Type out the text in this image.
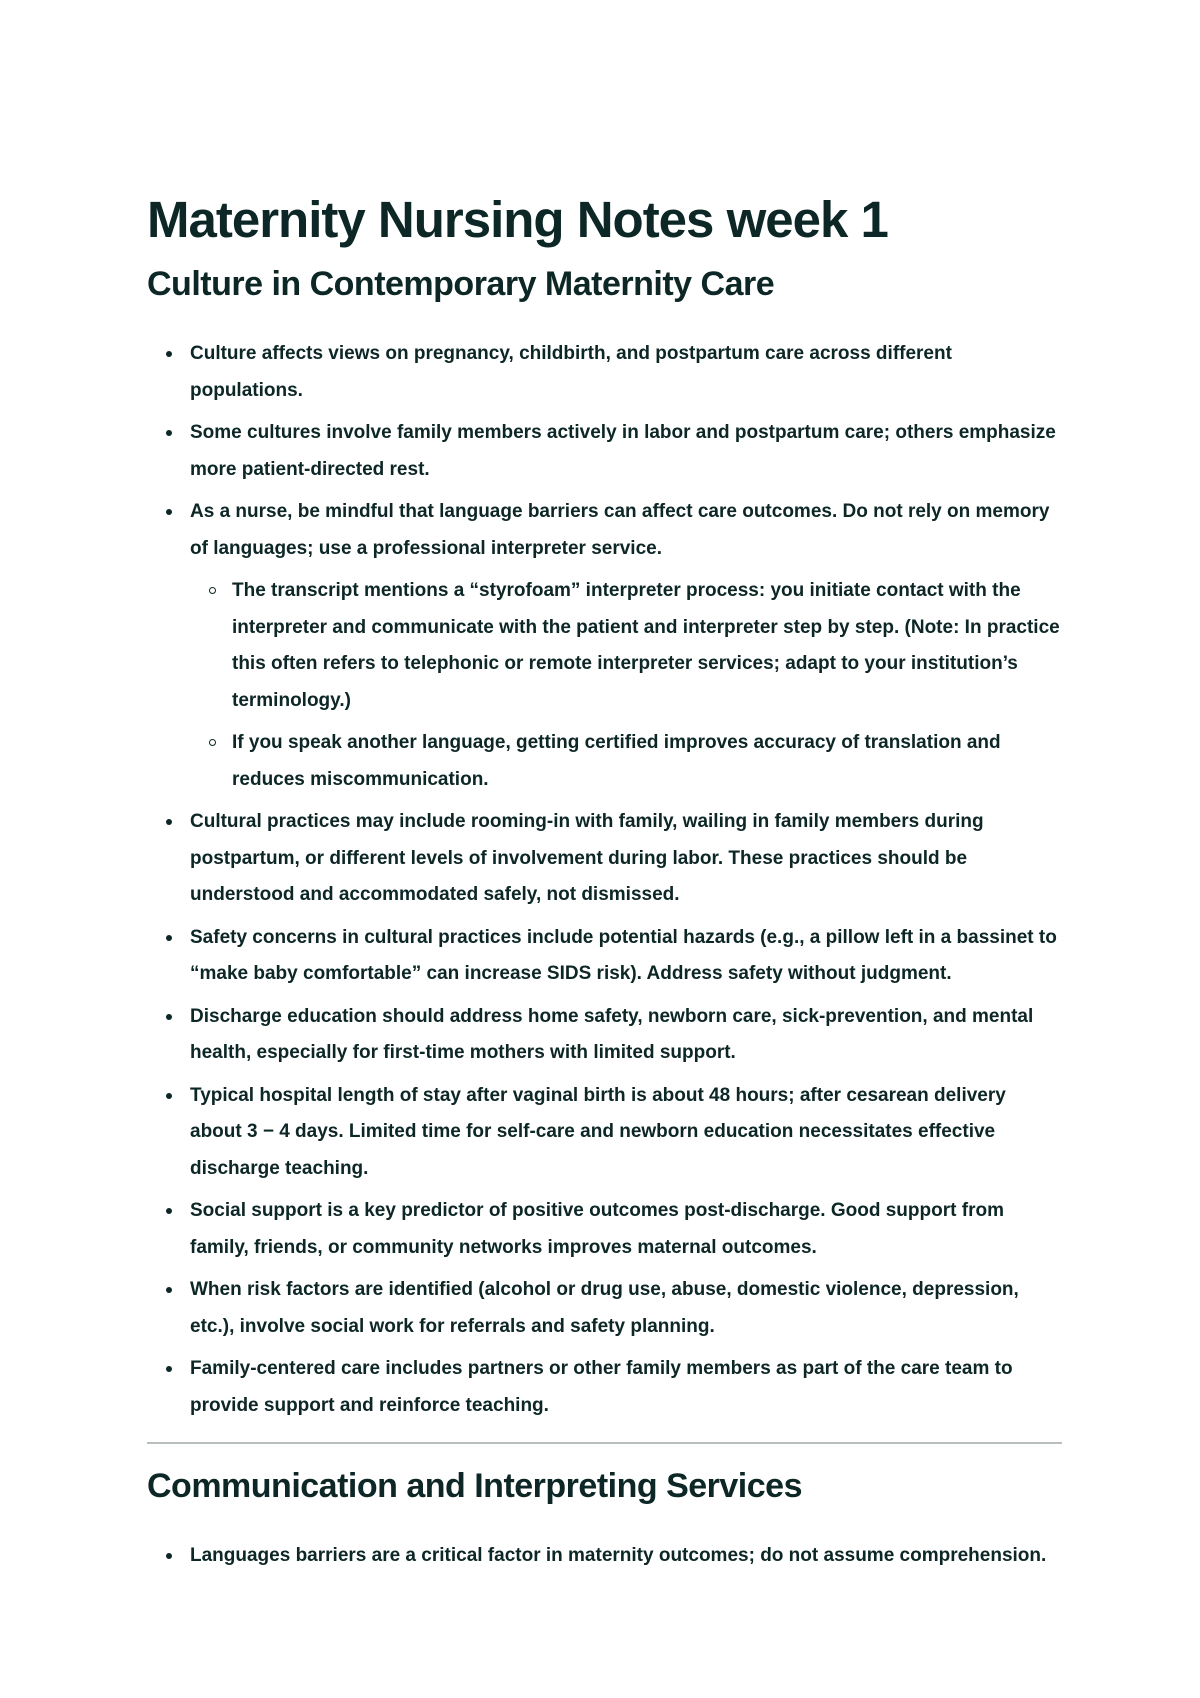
Maternity Nursing Notes week 1
Culture in Contemporary Maternity Care
Culture affects views on pregnancy, childbirth, and postpartum care across different populations.
Some cultures involve family members actively in labor and postpartum care; others emphasize more patient-directed rest.
As a nurse, be mindful that language barriers can affect care outcomes. Do not rely on memory of languages; use a professional interpreter service.
The transcript mentions a “styrofoam” interpreter process: you initiate contact with the interpreter and communicate with the patient and interpreter step by step. (Note: In practice this often refers to telephonic or remote interpreter services; adapt to your institution’s terminology.)
If you speak another language, getting certified improves accuracy of translation and reduces miscommunication.
Cultural practices may include rooming-in with family, wailing in family members during postpartum, or different levels of involvement during labor. These practices should be understood and accommodated safely, not dismissed.
Safety concerns in cultural practices include potential hazards (e.g., a pillow left in a bassinet to “make baby comfortable” can increase SIDS risk). Address safety without judgment.
Discharge education should address home safety, newborn care, sick-prevention, and mental health, especially for first-time mothers with limited support.
Typical hospital length of stay after vaginal birth is about 48 hours; after cesarean delivery about 3 − 4 days. Limited time for self-care and newborn education necessitates effective discharge teaching.
Social support is a key predictor of positive outcomes post-discharge. Good support from family, friends, or community networks improves maternal outcomes.
When risk factors are identified (alcohol or drug use, abuse, domestic violence, depression, etc.), involve social work for referrals and safety planning.
Family-centered care includes partners or other family members as part of the care team to provide support and reinforce teaching.
Communication and Interpreting Services
Languages barriers are a critical factor in maternity outcomes; do not assume comprehension.
